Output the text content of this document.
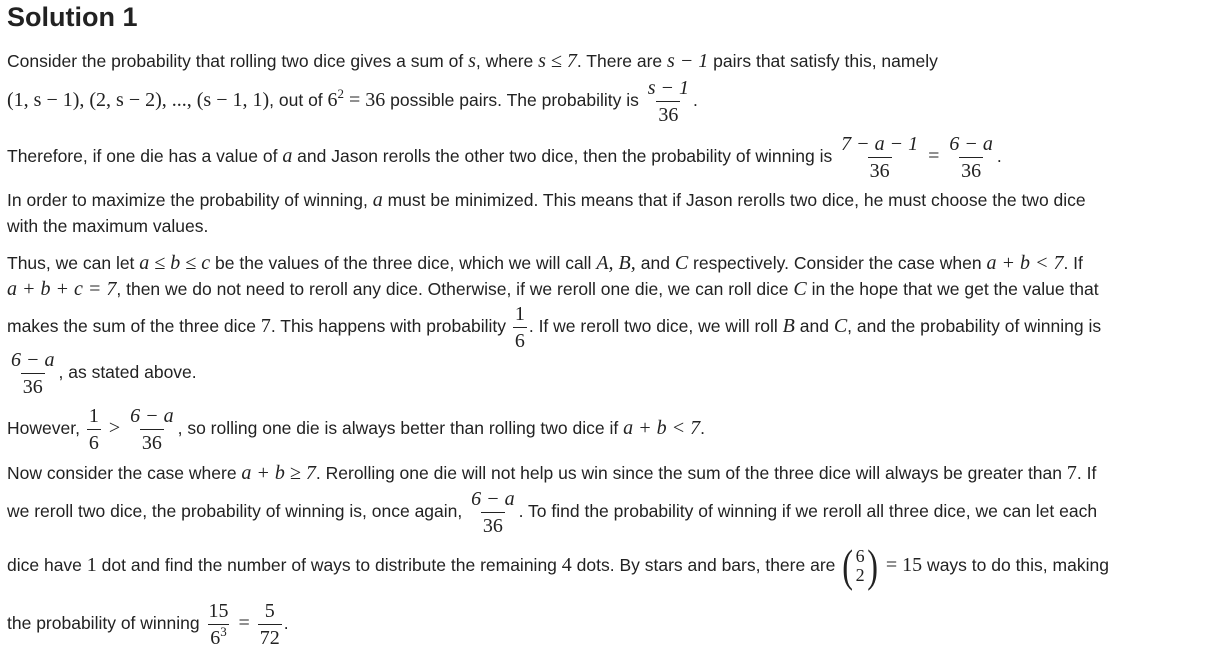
Solution 1
Consider the probability that rolling two dice gives a sum of s, where s ≤ 7. There are s − 1 pairs that satisfy this, namely
(1, s − 1), (2, s − 2), ..., (s − 1, 1), out of $6^2 = 36$ possible pairs. The probability is $\frac{s - 1}{36}$ .
Therefore, if one die has a value of a and Jason rerolls the other two dice, then the probability of winning is $\frac{7 - a - 1}{36} = \frac{6 - a}{36}$ .
In order to maximize the probability of winning, a must be minimized. This means that if Jason rerolls two dice, he must choose the two dice
with the maximum values.
Thus, we can let a ≤ b ≤ c be the values of the three dice, which we will call A, B, and C respectively. Consider the case when a + b < 7. If
a + b + c = 7, then we do not need to reroll any dice. Otherwise, if we reroll one die, we can roll dice C in the hope that we get the value that
makes the sum of the three dice 7. This happens with probability $\frac{1}{6}$ . If we reroll two dice, we will roll B and C, and the probability of winning is
$\frac{6 - a}{36}$ , as stated above.
However, $\frac{1}{6} > \frac{6 - a}{36}$ , so rolling one die is always better than rolling two dice if a + b < 7.
Now consider the case where a + b ≥ 7. Rerolling one die will not help us win since the sum of the three dice will always be greater than 7. If
we reroll two dice, the probability of winning is, once again, $\frac{6 - a}{36}$ . To find the probability of winning if we reroll all three dice, we can let each
dice have 1 dot and find the number of ways to distribute the remaining 4 dots. By stars and bars, there are ( 6
2 ) = 15 ways to do this, making
the probability of winning $\frac{15}{6^3} = \frac{5}{72}$ .
